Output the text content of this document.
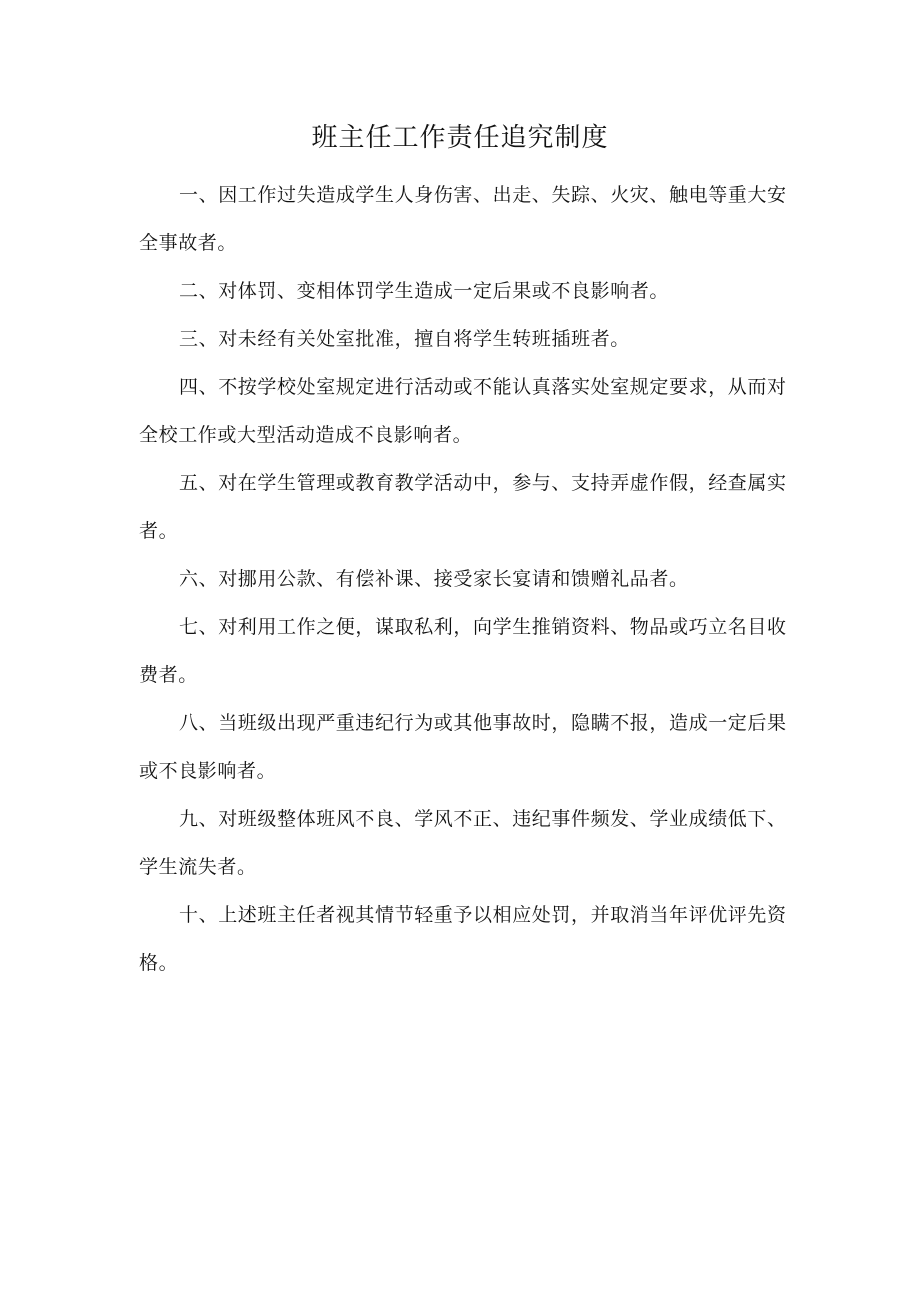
班主任工作责任追究制度

一、因工作过失造成学生人身伤害、出走、失踪、火灾、触电等重大安全事故者。

二、对体罚、变相体罚学生造成一定后果或不良影响者。

三、对未经有关处室批准，擅自将学生转班插班者。

四、不按学校处室规定进行活动或不能认真落实处室规定要求，从而对全校工作或大型活动造成不良影响者。

五、对在学生管理或教育教学活动中，参与、支持弄虚作假，经查属实者。

六、对挪用公款、有偿补课、接受家长宴请和馈赠礼品者。

七、对利用工作之便，谋取私利，向学生推销资料、物品或巧立名目收费者。

八、当班级出现严重违纪行为或其他事故时，隐瞒不报，造成一定后果或不良影响者。

九、对班级整体班风不良、学风不正、违纪事件频发、学业成绩低下、学生流失者。

十、上述班主任者视其情节轻重予以相应处罚，并取消当年评优评先资格。
